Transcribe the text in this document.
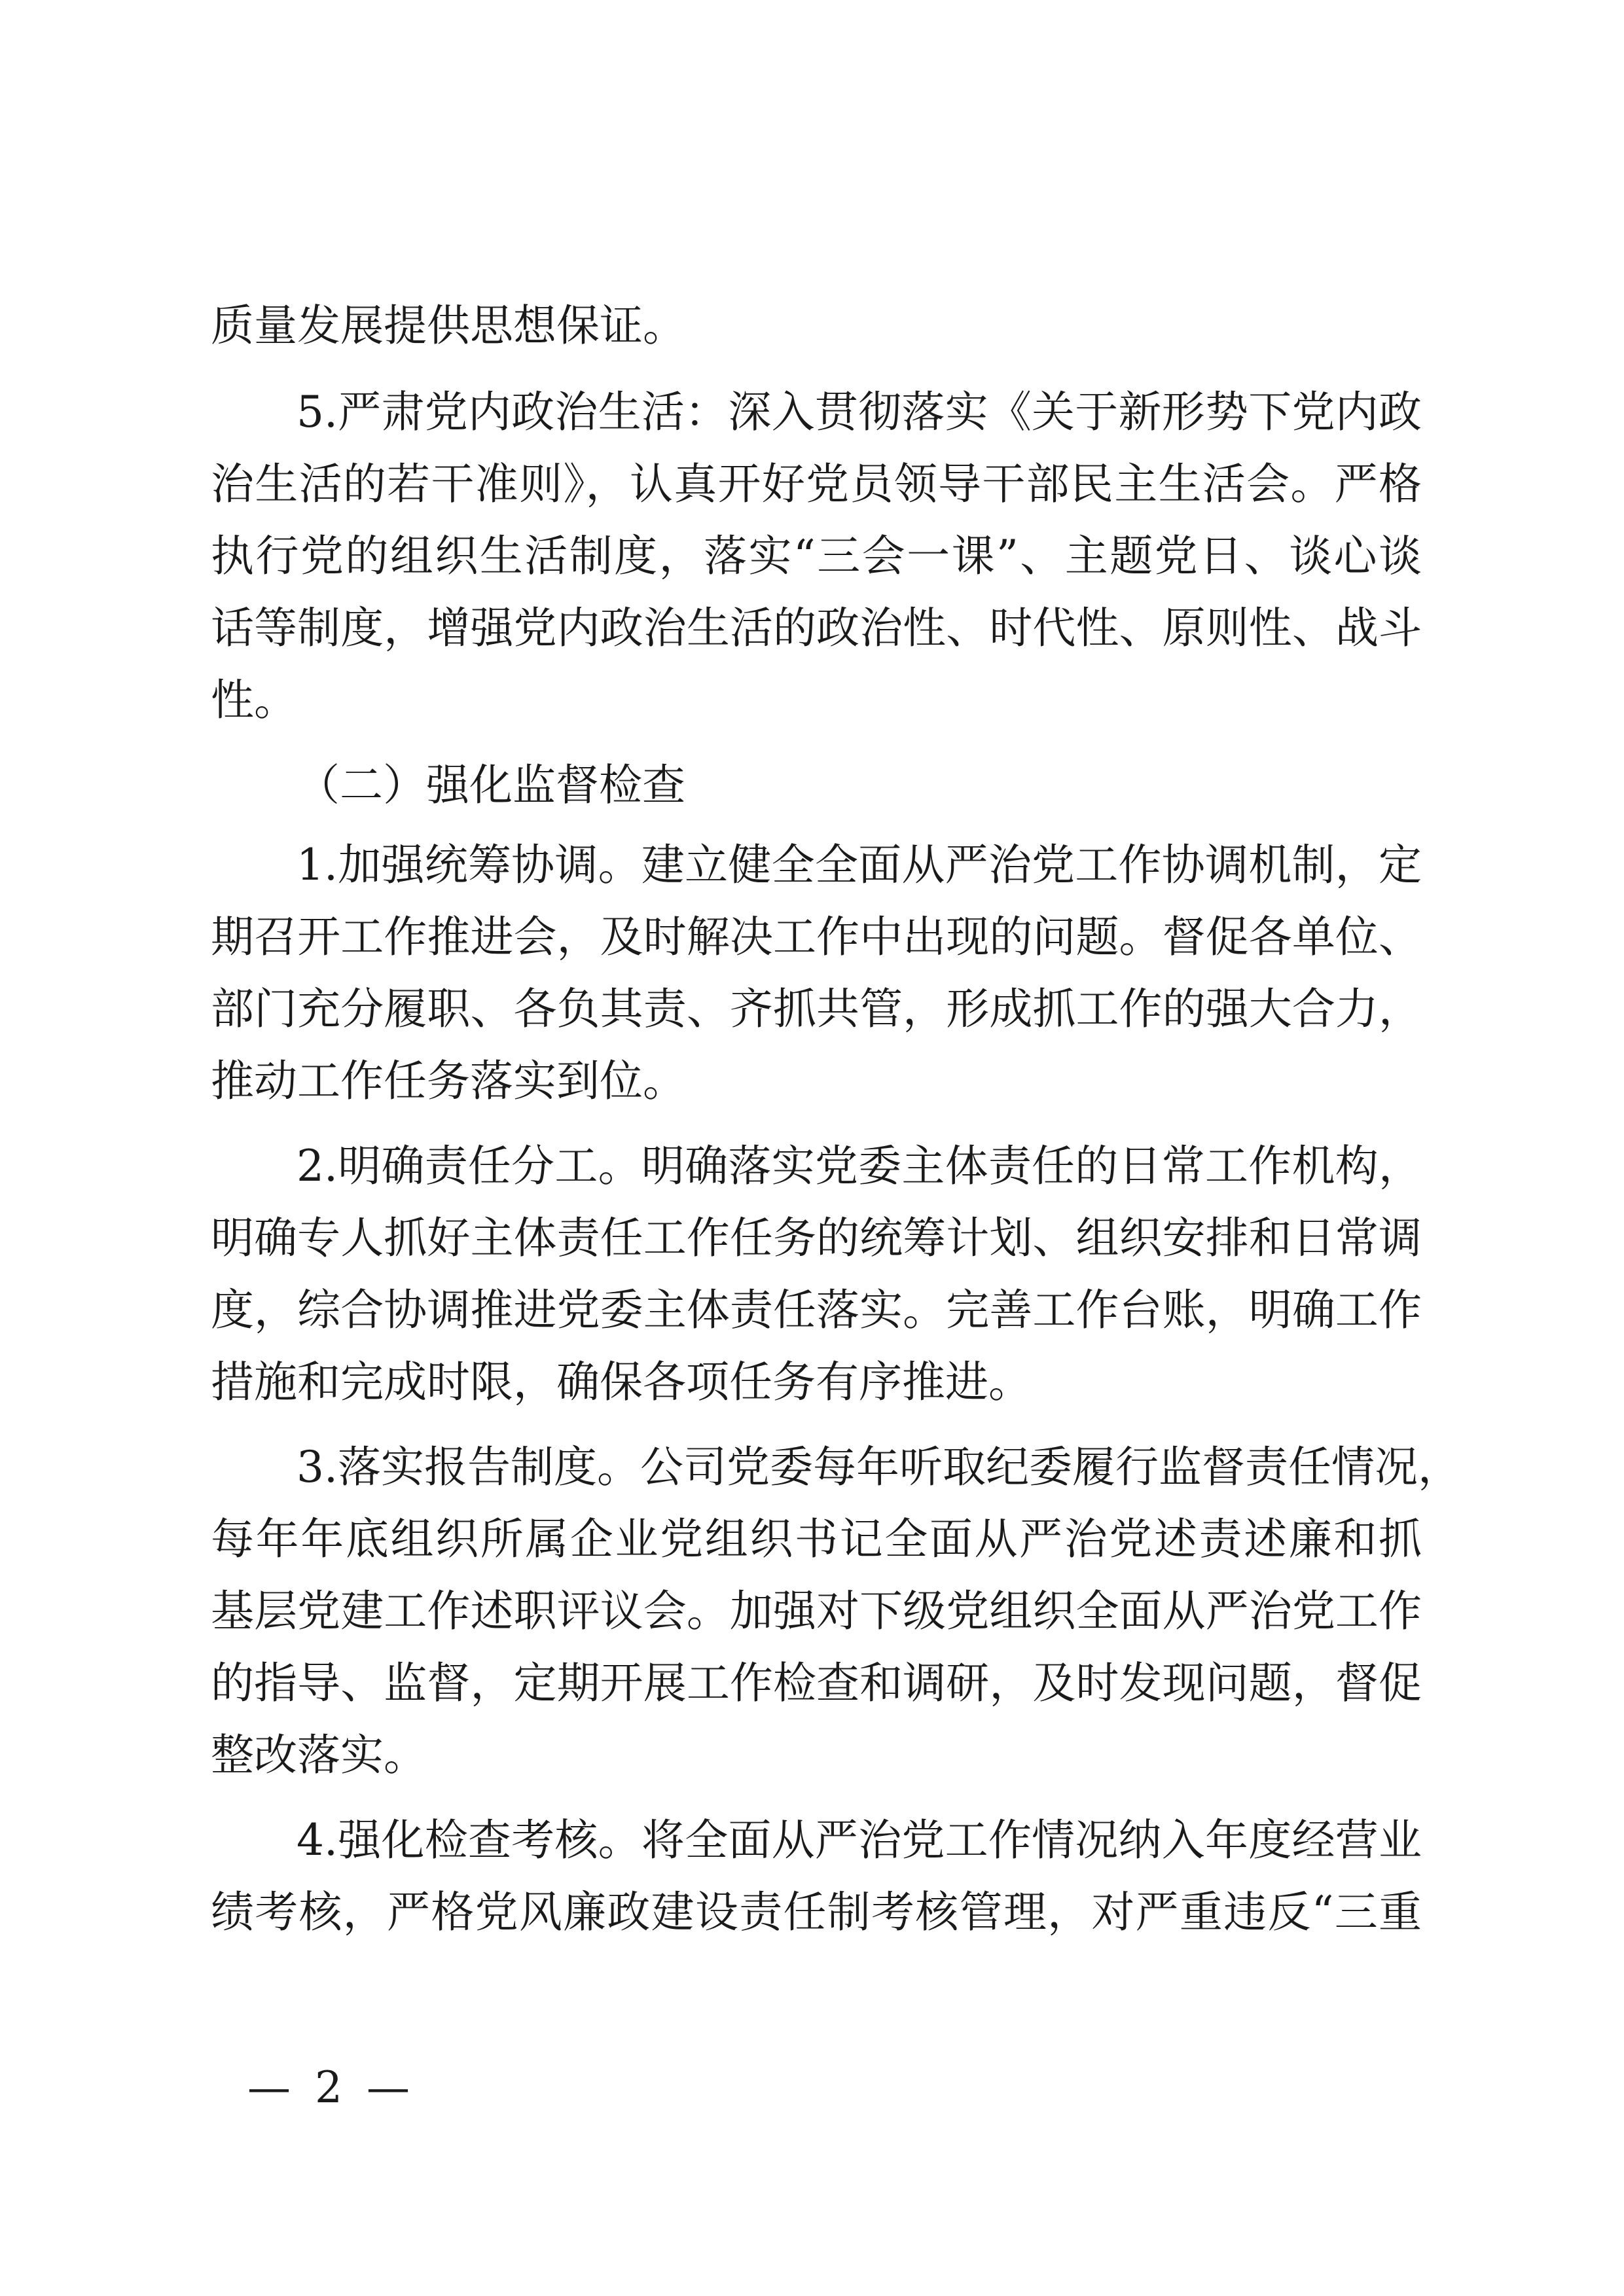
质量发展提供思想保证。

5.严肃党内政治生活：深入贯彻落实《关于新形势下党内政

治生活的若干准则》，认真开好党员领导干部民主生活会。严格

执行党的组织生活制度，落实“三会一课”、主题党日、谈心谈

话等制度，增强党内政治生活的政治性、时代性、原则性、战斗

性。

（二）强化监督检查

1.加强统筹协调。建立健全全面从严治党工作协调机制，定

期召开工作推进会，及时解决工作中出现的问题。督促各单位、

部门充分履职、各负其责、齐抓共管，形成抓工作的强大合力，

推动工作任务落实到位。

2.明确责任分工。明确落实党委主体责任的日常工作机构，

明确专人抓好主体责任工作任务的统筹计划、组织安排和日常调

度，综合协调推进党委主体责任落实。完善工作台账，明确工作

措施和完成时限，确保各项任务有序推进。

3.落实报告制度。公司党委每年听取纪委履行监督责任情况，

每年年底组织所属企业党组织书记全面从严治党述责述廉和抓

基层党建工作述职评议会。加强对下级党组织全面从严治党工作

的指导、监督，定期开展工作检查和调研，及时发现问题，督促

整改落实。

4.强化检查考核。将全面从严治党工作情况纳入年度经营业

绩考核，严格党风廉政建设责任制考核管理，对严重违反“三重

— 2 —
